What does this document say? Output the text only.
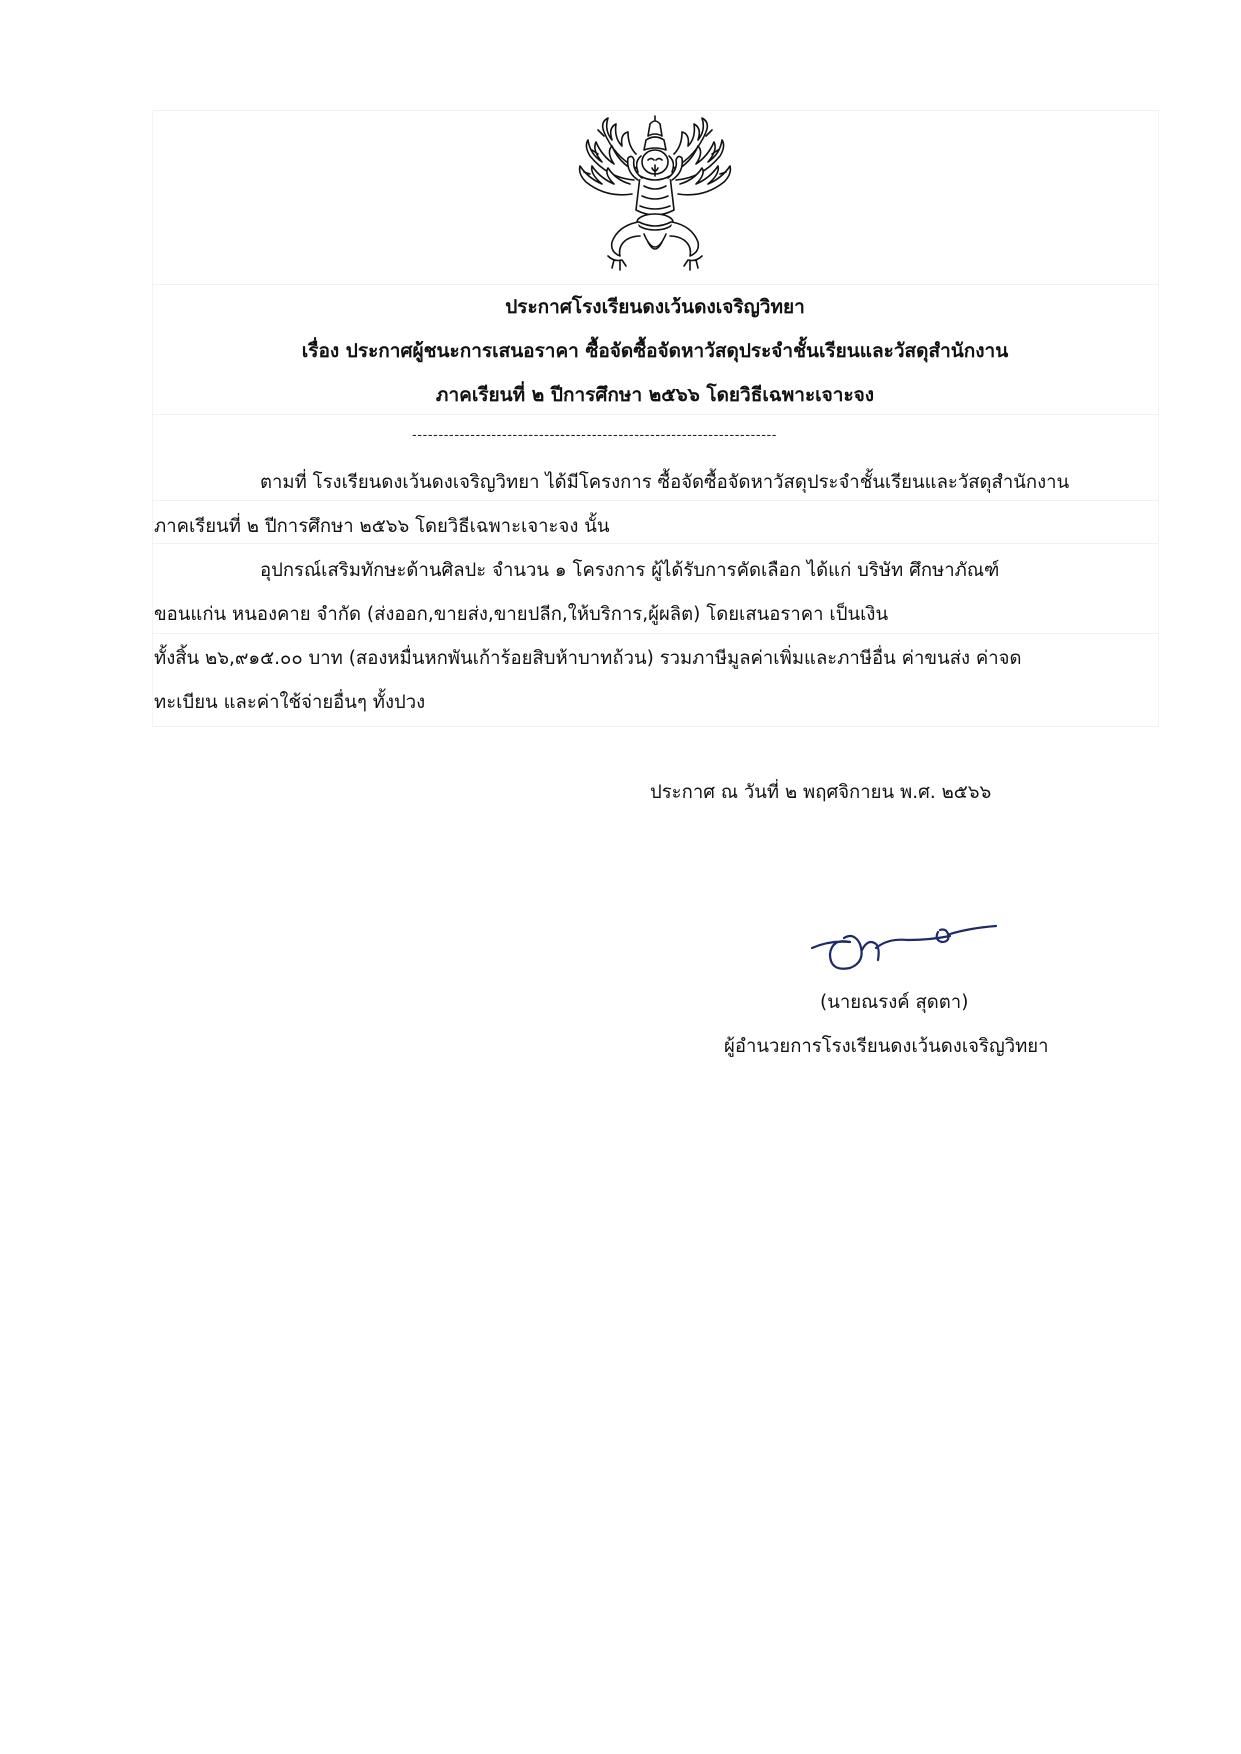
ประกาศโรงเรียนดงเว้นดงเจริญวิทยา
เรื่อง ประกาศผู้ชนะการเสนอราคา ซื้อจัดซื้อจัดหาวัสดุประจำชั้นเรียนและวัสดุสำนักงาน
ภาคเรียนที่ ๒ ปีการศึกษา ๒๕๖๖ โดยวิธีเฉพาะเจาะจง
---------------------------------------------------------------------
ตามที่ โรงเรียนดงเว้นดงเจริญวิทยา ได้มีโครงการ ซื้อจัดซื้อจัดหาวัสดุประจำชั้นเรียนและวัสดุสำนักงาน
ภาคเรียนที่ ๒ ปีการศึกษา ๒๕๖๖ โดยวิธีเฉพาะเจาะจง นั้น
อุปกรณ์เสริมทักษะด้านศิลปะ จำนวน ๑ โครงการ ผู้ได้รับการคัดเลือก ได้แก่ บริษัท ศึกษาภัณฑ์
ขอนแก่น หนองคาย จำกัด (ส่งออก,ขายส่ง,ขายปลีก,ให้บริการ,ผู้ผลิต) โดยเสนอราคา เป็นเงิน
ทั้งสิ้น ๒๖,๙๑๕.๐๐ บาท (สองหมื่นหกพันเก้าร้อยสิบห้าบาทถ้วน) รวมภาษีมูลค่าเพิ่มและภาษีอื่น ค่าขนส่ง ค่าจด
ทะเบียน และค่าใช้จ่ายอื่นๆ ทั้งปวง
ประกาศ ณ วันที่ ๒ พฤศจิกายน พ.ศ. ๒๕๖๖
(นายณรงค์ สุดตา)
ผู้อำนวยการโรงเรียนดงเว้นดงเจริญวิทยา
